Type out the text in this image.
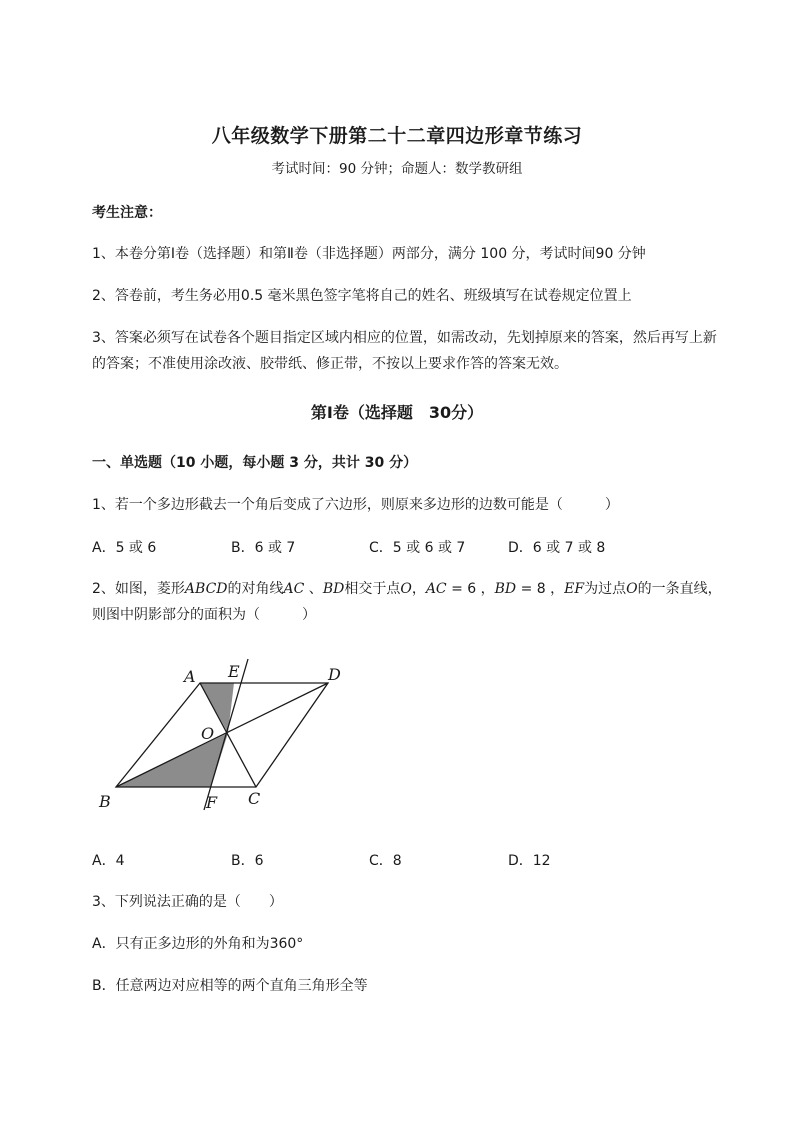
八年级数学下册第二十二章四边形章节练习
考试时间：90 分钟；命题人：数学教研组
考生注意：
1、本卷分第Ⅰ卷（选择题）和第Ⅱ卷（非选择题）两部分，满分 100 分，考试时间90 分钟
2、答卷前，考生务必用0.5 毫米黑色签字笔将自己的姓名、班级填写在试卷规定位置上
3、答案必须写在试卷各个题目指定区域内相应的位置，如需改动，先划掉原来的答案，然后再写上新
的答案；不准使用涂改液、胶带纸、修正带，不按以上要求作答的答案无效。
第Ⅰ卷（选择题　30分）
一、单选题（10 小题，每小题 3 分，共计 30 分）
1、若一个多边形截去一个角后变成了六边形，则原来多边形的边数可能是（　　　）
A．5 或 6	B．6 或 7	C．5 或 6 或 7	D．6 或 7 或 8
2、如图，菱形ABCD的对角线AC 、BD相交于点O，AC = 6 ，BD = 8 ，EF为过点O的一条直线，
则图中阴影部分的面积为（　　　）
A E	D
O
B	F C
A．4	B．6	C．8	D．12
3、下列说法正确的是（　　）
A．只有正多边形的外角和为360°
B．任意两边对应相等的两个直角三角形全等
